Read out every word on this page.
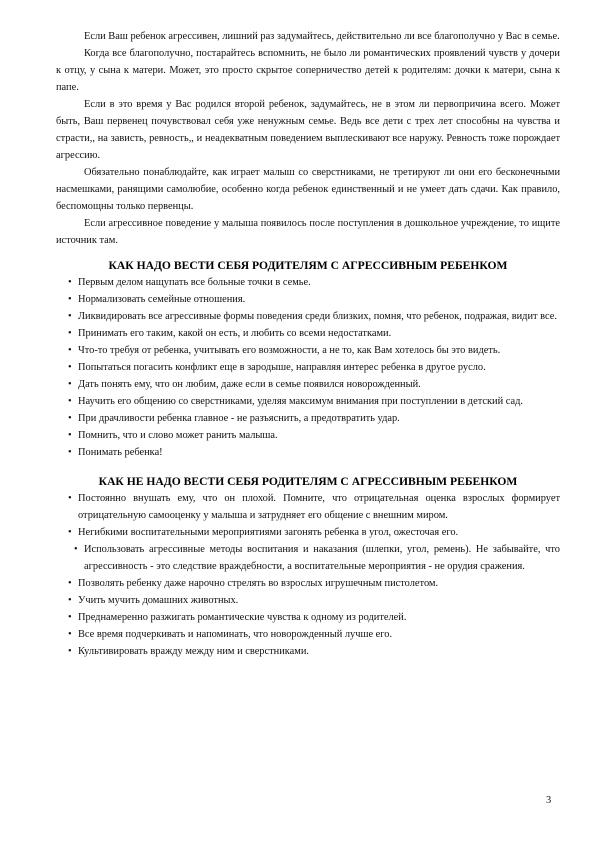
Если Ваш ребенок агрессивен, лишний раз задумайтесь, действительно ли все благополучно у Вас в семье.

Когда все благополучно, постарайтесь вспомнить, не было ли романтических проявлений чувств у дочери к отцу, у сына к матери. Может, это просто скрытое соперничество детей к родителям: дочки к матери, сына к папе.

Если в это время у Вас родился второй ребенок, задумайтесь, не в этом ли первопричина всего. Может быть, Ваш первенец почувствовал себя уже ненужным семье. Ведь все дети с трех лет способны на чувства и страсти,, на зависть, ревность,, и неадекватным поведением выплескивают все наружу. Ревность тоже порождает агрессию.

Обязательно понаблюдайте, как играет малыш со сверстниками, не третируют ли они его бесконечными насмешками, ранящими самолюбие, особенно когда ребенок единственный и не умеет дать сдачи. Как правило, беспомощны только первенцы.

Если агрессивное поведение у малыша появилось после поступления в дошкольное учреждение, то ищите источник там.

КАК НАДО ВЕСТИ СЕБЯ РОДИТЕЛЯМ С АГРЕССИВНЫМ РЕБЕНКОМ
• Первым делом нащупать все больные точки в семье.
• Нормализовать семейные отношения.
• Ликвидировать все агрессивные формы поведения среди близких, помня, что ребенок, подражая, видит все.
• Принимать его таким, какой он есть, и любить со всеми недостатками.
• Что-то требуя от ребенка, учитывать его возможности, а не то, как Вам хотелось бы это видеть.
• Попытаться погасить конфликт еще в зародыше, направляя интерес ребенка в другое русло.
• Дать понять ему, что он любим, даже если в семье появился новорожденный.
• Научить его общению со сверстниками, уделяя максимум внимания при поступлении в детский сад.
• При драчливости ребенка главное - не разъяснить, а предотвратить удар.
• Помнить, что и слово может ранить малыша.
• Понимать ребенка!
КАК НЕ НАДО ВЕСТИ СЕБЯ РОДИТЕЛЯМ С АГРЕССИВНЫМ РЕБЕНКОМ
• Постоянно внушать ему, что он плохой. Помните, что отрицательная оценка взрослых формирует отрицательную самооценку у малыша и затрудняет его общение с внешним миром.
• Негибкими воспитательными мероприятиями загонять ребенка в угол, ожесточая его.
• Использовать агрессивные методы воспитания и наказания (шлепки, угол, ремень). Не забывайте, что агрессивность - это следствие враждебности, а воспитательные мероприятия - не орудия сражения.
• Позволять ребенку даже нарочно стрелять во взрослых игрушечным пистолетом.
• Учить мучить домашних животных.
• Преднамеренно разжигать романтические чувства к одному из родителей.
• Все время подчеркивать и напоминать, что новорожденный лучше его.
• Культивировать вражду между ним и сверстниками.
3
